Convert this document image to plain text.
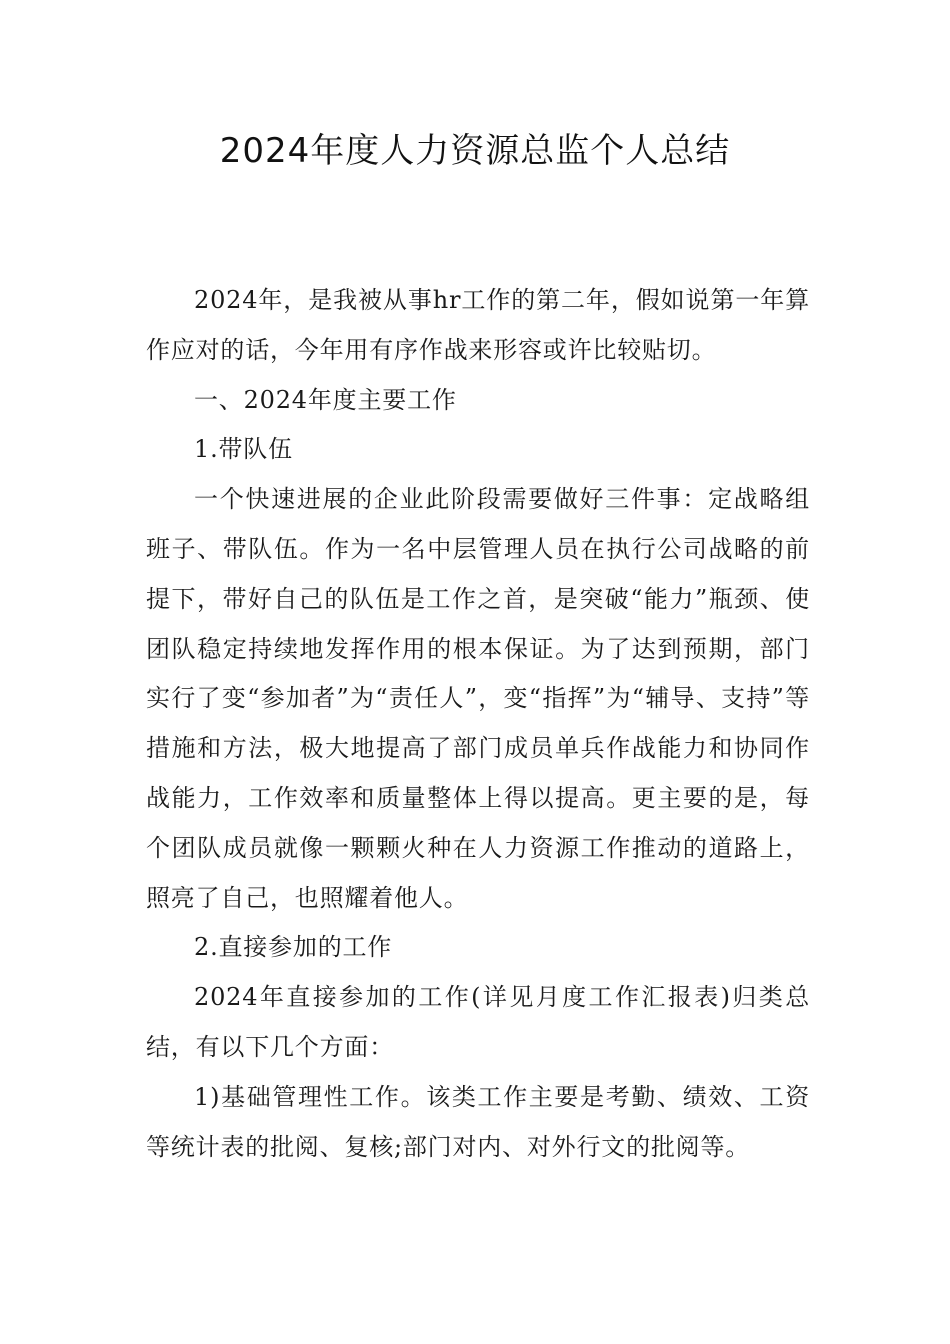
2024年度人力资源总监个人总结

2024年，是我被从事hr工作的第二年，假如说第一年算作应对的话，今年用有序作战来形容或许比较贴切。

一、2024年度主要工作

1.带队伍

一个快速进展的企业此阶段需要做好三件事：定战略组班子、带队伍。作为一名中层管理人员在执行公司战略的前提下，带好自己的队伍是工作之首，是突破“能力”瓶颈、使团队稳定持续地发挥作用的根本保证。为了达到预期，部门实行了变“参加者”为“责任人”，变“指挥”为“辅导、支持”等措施和方法，极大地提高了部门成员单兵作战能力和协同作战能力，工作效率和质量整体上得以提高。更主要的是，每个团队成员就像一颗颗火种在人力资源工作推动的道路上，照亮了自己，也照耀着他人。

2.直接参加的工作

2024年直接参加的工作(详见月度工作汇报表)归类总结，有以下几个方面：

1)基础管理性工作。该类工作主要是考勤、绩效、工资等统计表的批阅、复核;部门对内、对外行文的批阅等。
